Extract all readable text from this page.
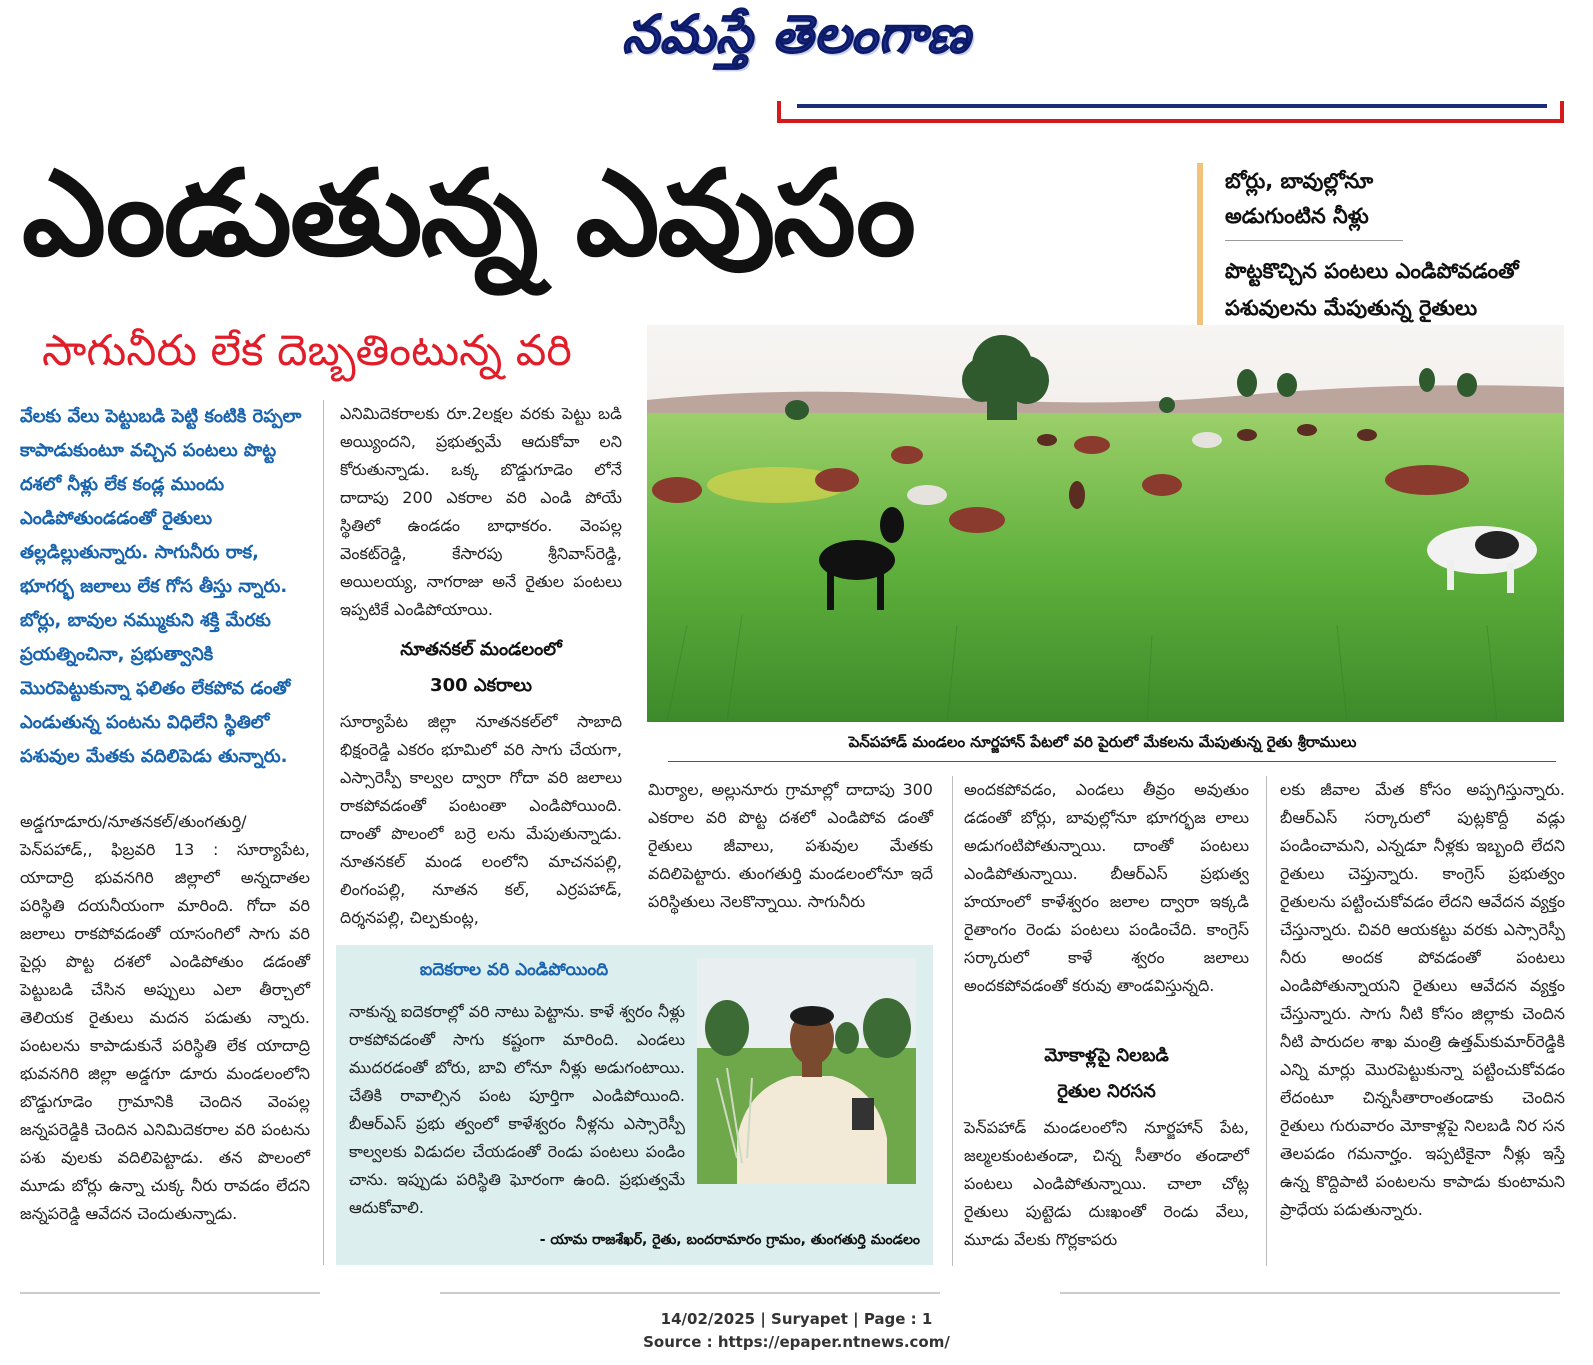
నమస్తే తెలంగాణ
ఎండుతున్న ఎవుసం	బోర్లు, బావుల్లోనూ
అడుగుంటిన నీళ్లు
పొట్టకొచ్చిన పంటలు ఎండిపోవడంతో
పశువులను మేపుతున్న రైతులు
సాగునీరు లేక దెబ్బతింటున్న వరి
పెన్‌పహాడ్ మండలం నూర్జహాన్ పేటలో వరి పైరులో మేకలను మేపుతున్న రైతు శ్రీరాములు
వేలకు వేలు పెట్టుబడి పెట్టి కంటికి రెప్పలా కాపాడుకుంటూ వచ్చిన పంటలు పొట్ట దశలో నీళ్లు లేక కండ్ల ముందు ఎండిపోతుండడంతో రైతులు తల్లడిల్లుతున్నారు. సాగునీరు రాక, భూగర్భ జలాలు లేక గోస తీస్తు న్నారు. బోర్లు, బావుల నమ్ముకుని శక్తి మేరకు ప్రయత్నించినా, ప్రభుత్వానికి మొరపెట్టుకున్నా ఫలితం లేకపోవ డంతో ఎండుతున్న పంటను విధిలేని స్థితిలో పశువుల మేతకు వదిలిపెడు తున్నారు.
అడ్డగూడూరు/నూతనకల్/తుంగతుర్తి/ పెన్‌పహాడ్,, ఫిబ్రవరి 13 : సూర్యాపేట, యాదాద్రి భువనగిరి జిల్లాలో అన్నదాతల పరిస్థితి దయనీయంగా మారింది. గోదా వరి జలాలు రాకపోవడంతో యాసంగిలో సాగు వరి పైర్లు పొట్ట దశలో ఎండిపోతుం డడంతో పెట్టుబడి చేసిన అప్పులు ఎలా తీర్చాలో తెలియక రైతులు మదన పడుతు న్నారు. పంటలను కాపాడుకునే పరిస్థితి లేక యాదాద్రి భువనగిరి జిల్లా అడ్డగూ డూరు మండలంలోని బొడ్డుగూడెం గ్రామానికి చెందిన వెంపల్ల జన్నపరెడ్డికి చెందిన ఎనిమిదెకరాల వరి పంటను పశు వులకు వదిలిపెట్టాడు. తన పొలంలో మూడు బోర్లు ఉన్నా చుక్క నీరు రావడం లేదని జన్నపరెడ్డి ఆవేదన చెందుతున్నాడు.
ఎనిమిదెకరాలకు రూ.2లక్షల వరకు పెట్టు బడి అయ్యిందని, ప్రభుత్వమే ఆదుకోవా లని కోరుతున్నాడు. ఒక్క బొడ్డుగూడెం లోనే దాదాపు 200 ఎకరాల వరి ఎండి పోయే స్థితిలో ఉండడం బాధాకరం. వెంపల్ల వెంకట్‌రెడ్డి, కేసారపు శ్రీనివాస్‌రెడ్డి, అయిలయ్య, నాగరాజు అనే రైతుల పంటలు ఇప్పటికే ఎండిపోయాయి.
నూతనకల్ మండలంలో
300 ఎకరాలు
సూర్యాపేట జిల్లా నూతనకల్‌లో సాబాది భిక్షంరెడ్డి ఎకరం భూమిలో వరి సాగు చేయగా, ఎస్సారెస్పీ కాల్వల ద్వారా గోదా వరి జలాలు రాకపోవడంతో పంటంతా ఎండిపోయింది. దాంతో పొలంలో బర్రె లను మేపుతున్నాడు. నూతనకల్ మండ లంలోని మాచనపల్లి, లింగంపల్లి, నూతన కల్, ఎర్రపహాడ్, దిర్శనపల్లి, చిల్పకుంట్ల,
మిర్యాల, అల్లునూరు గ్రామాల్లో దాదాపు 300 ఎకరాల వరి పొట్ట దశలో ఎండిపోవ డంతో రైతులు జీవాలు, పశువుల మేతకు వదిలిపెట్టారు. తుంగతుర్తి మండలంలోనూ ఇదే పరిస్థితులు నెలకొన్నాయి. సాగునీరు
అందకపోవడం, ఎండలు తీవ్రం అవుతుం డడంతో బోర్లు, బావుల్లోనూ భూగర్భజ లాలు అడుగంటిపోతున్నాయి. దాంతో పంటలు ఎండిపోతున్నాయి. బీఆర్ఎస్ ప్రభుత్వ హయాంలో కాళేశ్వరం జలాల ద్వారా ఇక్కడి రైతాంగం రెండు పంటలు పండించేది. కాంగ్రెస్ సర్కారులో కాళే శ్వరం జలాలు అందకపోవడంతో కరువు తాండవిస్తున్నది.
మోకాళ్లపై నిలబడి
రైతుల నిరసన
పెన్‌పహాడ్ మండలంలోని నూర్జహాన్ పేట, జల్మలకుంటతండా, చిన్న సీతారం తండాలో పంటలు ఎండిపోతున్నాయి. చాలా చోట్ల రైతులు పుట్టెడు దుఃఖంతో రెండు వేలు, మూడు వేలకు గొర్లకాపరు
లకు జీవాల మేత కోసం అప్పగిస్తున్నారు. బీఆర్ఎస్ సర్కారులో పుట్లకొద్దీ వడ్లు పండించామని, ఎన్నడూ నీళ్లకు ఇబ్బంది లేదని రైతులు చెప్తున్నారు. కాంగ్రెస్ ప్రభుత్వం రైతులను పట్టించుకోవడం లేదని ఆవేదన వ్యక్తం చేస్తున్నారు. చివరి ఆయకట్టు వరకు ఎస్సారెస్పీ నీరు అందక పోవడంతో పంటలు ఎండిపోతున్నాయని రైతులు ఆవేదన వ్యక్తం చేస్తున్నారు. సాగు నీటి కోసం జిల్లాకు చెందిన నీటి పారుదల శాఖ మంత్రి ఉత్తమ్‌కుమార్‌రెడ్డికి ఎన్ని మార్లు మొరపెట్టుకున్నా పట్టించుకోవడం లేదంటూ చిన్నసీతారాంతండాకు చెందిన రైతులు గురువారం మోకాళ్లపై నిలబడి నిర సన తెలపడం గమనార్హం. ఇప్పటికైనా నీళ్లు ఇస్తే ఉన్న కొద్దిపాటి పంటలను కాపాడు కుంటామని ప్రాధేయ పడుతున్నారు.
ఐదెకరాల వరి ఎండిపోయింది
నాకున్న ఐదెకరాల్లో వరి నాటు పెట్టాను. కాళే శ్వరం నీళ్లు రాకపోవడంతో సాగు కష్టంగా మారింది. ఎండలు ముదరడంతో బోరు, బావి లోనూ నీళ్లు అడుగంటాయి. చేతికి రావాల్సిన పంట పూర్తిగా ఎండిపోయింది. బీఆర్ఎస్ ప్రభు త్వంలో కాళేశ్వరం నీళ్లను ఎస్సారెస్పీ కాల్వలకు విడుదల చేయడంతో రెండు పంటలు పండిం చాను. ఇప్పుడు పరిస్థితి ఘోరంగా ఉంది. ప్రభుత్వమే ఆదుకోవాలి.
- యామ రాజశేఖర్, రైతు, బందరామారం గ్రామం, తుంగతుర్తి మండలం
14/02/2025 | Suryapet | Page : 1
Source : https://epaper.ntnews.com/
